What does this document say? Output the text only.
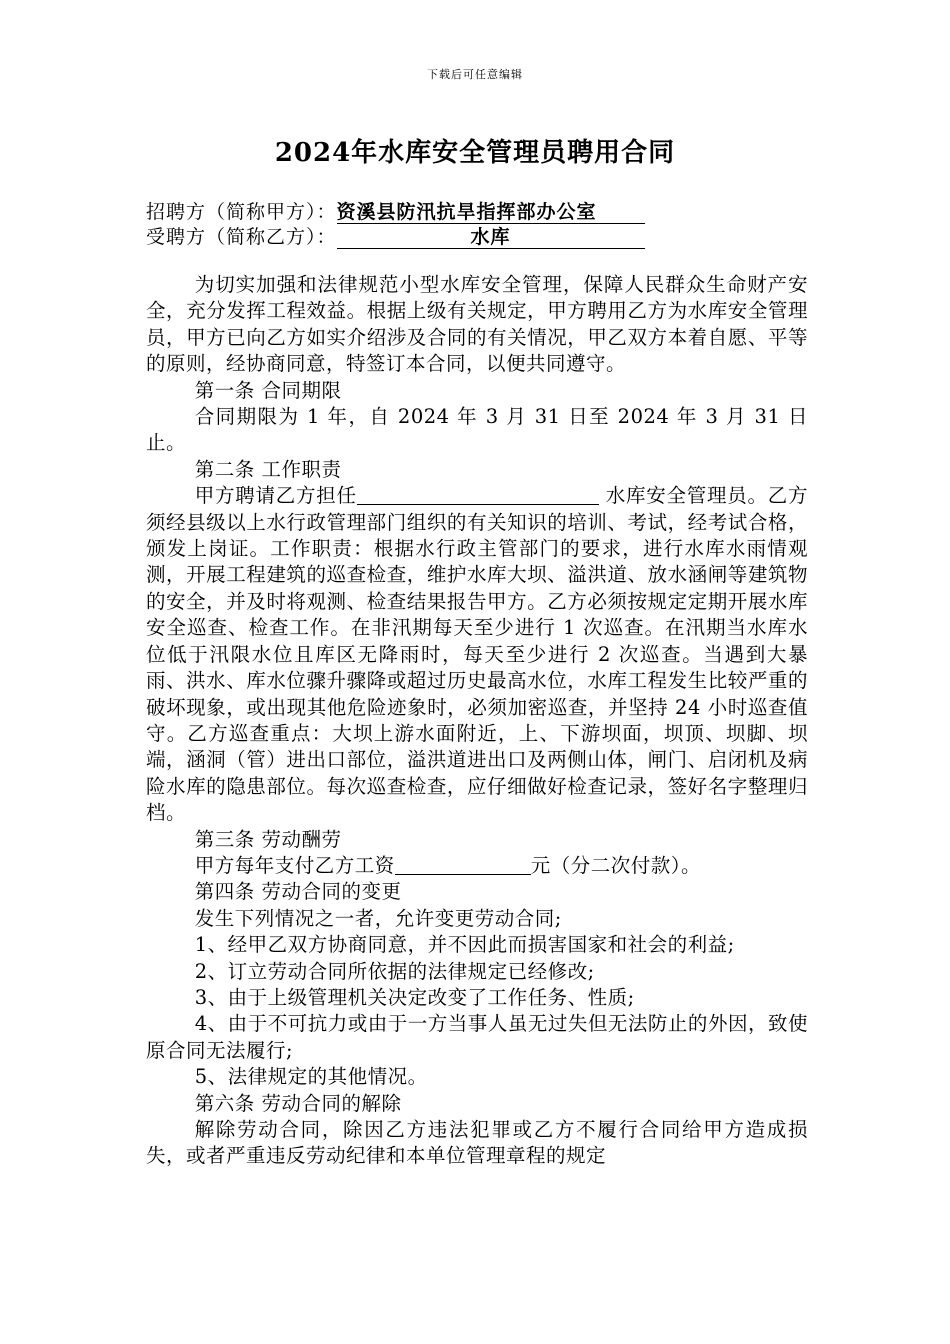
下载后可任意编辑
2024年水库安全管理员聘用合同
招聘方（简称甲方）：资溪县防汛抗旱指挥部办公室
受聘方（简称乙方）：	水库

为切实加强和法律规范小型水库安全管理，保障人民群众生命财产安全，充分发挥工程效益。根据上级有关规定，甲方聘用乙方为水库安全管理员，甲方已向乙方如实介绍涉及合同的有关情况，甲乙双方本着自愿、平等的原则，经协商同意，特签订本合同，以便共同遵守。

第一条 合同期限

合同期限为 1 年，自 2024 年 3 月 31 日至 2024 年 3 月 31 日止。

第二条 工作职责

甲方聘请乙方担任	水库安全管理员。乙方须经县级以上水行政管理部门组织的有关知识的培训、考试，经考试合格，颁发上岗证。工作职责：根据水行政主管部门的要求，进行水库水雨情观测，开展工程建筑的巡查检查，维护水库大坝、溢洪道、放水涵闸等建筑物的安全，并及时将观测、检查结果报告甲方。乙方必须按规定定期开展水库安全巡查、检查工作。在非汛期每天至少进行 1 次巡查。在汛期当水库水位低于汛限水位且库区无降雨时，每天至少进行 2 次巡查。当遇到大暴雨、洪水、库水位骤升骤降或超过历史最高水位，水库工程发生比较严重的破坏现象，或出现其他危险迹象时，必须加密巡查，并坚持 24 小时巡查值守。乙方巡查重点：大坝上游水面附近，上、下游坝面，坝顶、坝脚、坝端，涵洞（管）进出口部位，溢洪道进出口及两侧山体，闸门、启闭机及病险水库的隐患部位。每次巡查检查，应仔细做好检查记录，签好名字整理归档。

第三条 劳动酬劳

甲方每年支付乙方工资	元（分二次付款）。

第四条 劳动合同的变更

发生下列情况之一者，允许变更劳动合同;

1、经甲乙双方协商同意，并不因此而损害国家和社会的利益;

2、订立劳动合同所依据的法律规定已经修改;

3、由于上级管理机关决定改变了工作任务、性质;

4、由于不可抗力或由于一方当事人虽无过失但无法防止的外因，致使原合同无法履行;

5、法律规定的其他情况。

第六条 劳动合同的解除

解除劳动合同，除因乙方违法犯罪或乙方不履行合同给甲方造成损失，或者严重违反劳动纪律和本单位管理章程的规定
